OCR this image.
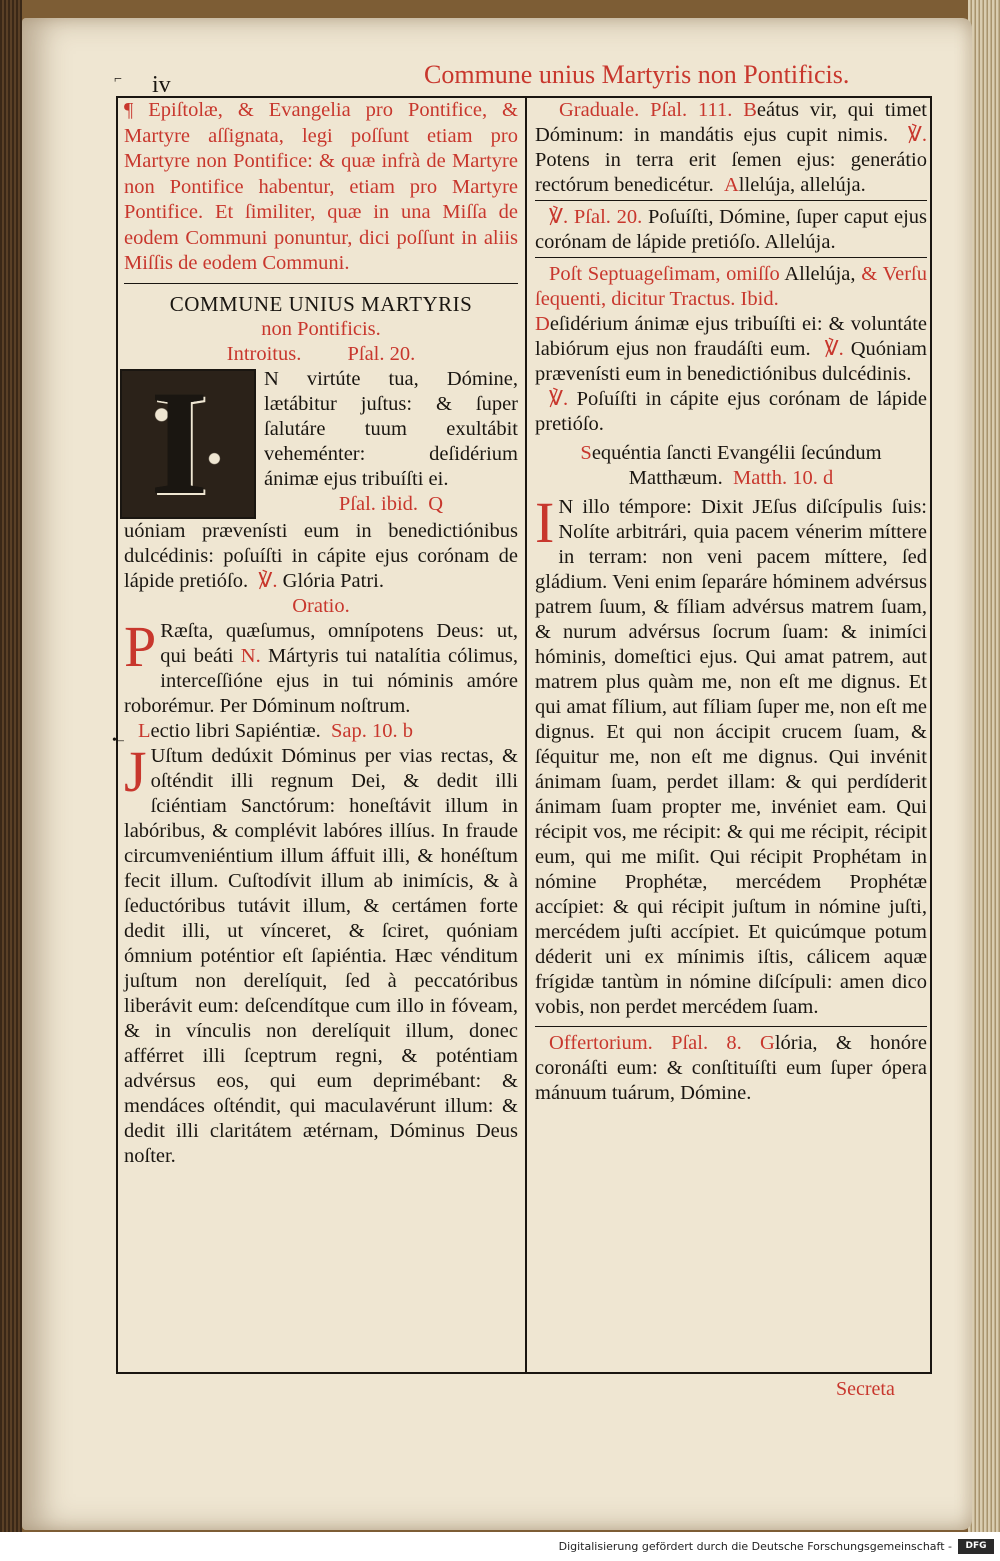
⌐ iv	Commune unius Martyris non Pontificis.
•–

¶ Epiſtolæ, & Evangelia pro Pontifice, & Martyre aſſignata, legi poſſunt etiam pro Martyre non Pontifice: & quæ infrà de Martyre non Pontifice habentur, etiam pro Martyre Pontifice. Et ſimiliter, quæ in una Miſſa de eodem Communi ponuntur, dici poſſunt in aliis Miſſis de eodem Communi.

COMMUNE UNIUS MARTYRIS

non Pontificis.

Introitus. Pſal. 20.

I	N virtúte tua, Dómine, lætábitur juſtus: & ſuper ſalutáre tuum exultábit veheménter: deſidérium ánimæ ejus tribuíſti ei.

Pſal. ibid. Q

uóniam prævenísti eum in benedictiónibus dulcédinis: poſuíſti in cápite ejus corónam de lápide pretióſo. ℣. Glória Patri.

Oratio.

P Ræſta, quæſumus, omnípotens Deus: ut, qui beáti N. Mártyris tui natalítia cólimus, interceſſióne ejus in tui nóminis amóre roborémur. Per Dóminum noſtrum.

Lectio libri Sapiéntiæ. Sap. 10. b

J Uſtum dedúxit Dóminus per vias rectas, & oſténdit illi regnum Dei, & dedit illi ſciéntiam Sanctórum: honeſtávit illum in labóribus, & complévit labóres illíus. In fraude circumveniéntium illum áffuit illi, & honéſtum fecit illum. Cuſtodívit illum ab inimícis, & à ſeductóribus tutávit illum, & certámen forte dedit illi, ut vínceret, & ſciret, quóniam ómnium poténtior eſt ſapiéntia. Hæc vénditum juſtum non derelíquit, ſed à peccatóribus liberávit eum: deſcendítque cum illo in fóveam, & in vínculis non derelíquit illum, donec afférret illi ſceptrum regni, & poténtiam advérsus eos, qui eum deprimébant: & mendáces oſténdit, qui maculavérunt illum: & dedit illi claritátem ætérnam, Dóminus Deus noſter.

Graduale. Pſal. 111. Beátus vir, qui timet Dóminum: in mandátis ejus cupit nimis. ℣. Potens in terra erit ſemen ejus: generátio rectórum benedicétur. Allelúja, allelúja.

℣. Pſal. 20. Poſuíſti, Dómine, ſuper caput ejus corónam de lápide pretióſo. Allelúja.

Poſt Septuageſimam, omiſſo Allelúja, & Verſu ſequenti, dicitur Tractus. Ibid.

Deſidérium ánimæ ejus tribuíſti ei: & voluntáte labiórum ejus non fraudáſti eum. ℣. Quóniam prævenísti eum in benedictiónibus dulcédinis.

℣. Poſuíſti in cápite ejus corónam de lápide pretióſo.

Sequéntia ſancti Evangélii ſecúndum Matthæum. Matth. 10. d

I N illo témpore: Dixit JEſus diſcípulis ſuis: Nolíte arbitrári, quia pacem vénerim míttere in terram: non veni pacem míttere, ſed gládium. Veni enim ſeparáre hóminem advérsus patrem ſuum, & fíliam advérsus matrem ſuam, & nurum advérsus ſocrum ſuam: & inimíci hóminis, domeſtici ejus. Qui amat patrem, aut matrem plus quàm me, non eſt me dignus. Et qui amat fílium, aut fíliam ſuper me, non eſt me dignus. Et qui non áccipit crucem ſuam, & ſéquitur me, non eſt me dignus. Qui invénit ánimam ſuam, perdet illam: & qui perdíderit ánimam ſuam propter me, invéniet eam. Qui récipit vos, me récipit: & qui me récipit, récipit eum, qui me miſit. Qui récipit Prophétam in nómine Prophétæ, mercédem Prophétæ accípiet: & qui récipit juſtum in nómine juſti, mercédem juſti accípiet. Et quicúmque potum déderit uni ex mínimis iſtis, cálicem aquæ frígidæ tantùm in nómine diſcípuli: amen dico vobis, non perdet mercédem ſuam.

Offertorium. Pſal. 8. Glória, & honóre coronáſti eum: & conſtituíſti eum ſuper ópera mánuum tuárum, Dómine.

Secreta
Digitalisierung gefördert durch die Deutsche Forschungsgemeinschaft -	DFG
